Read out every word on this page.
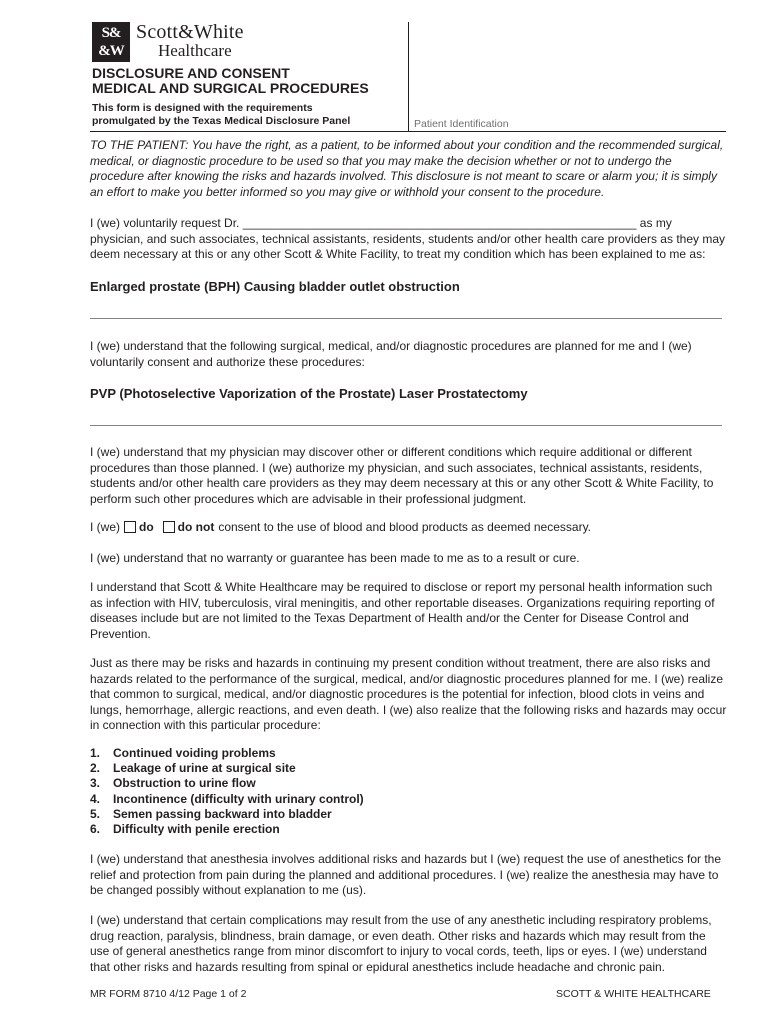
S&
&W
Scott&White
Healthcare
DISCLOSURE AND CONSENT
MEDICAL AND SURGICAL PROCEDURES
This form is designed with the requirements
promulgated by the Texas Medical Disclosure Panel	Patient Identification
TO THE PATIENT: You have the right, as a patient, to be informed about your condition and the recommended surgical, medical, or diagnostic procedure to be used so that you may make the decision whether or not to undergo the procedure after knowing the risks and hazards involved. This disclosure is not meant to scare or alarm you; it is simply an effort to make you better informed so you may give or withhold your consent to the procedure.
I (we) voluntarily request Dr. ___________________________________________________________ as my physician, and such associates, technical assistants, residents, students and/or other health care providers as they may deem necessary at this or any other Scott & White Facility, to treat my condition which has been explained to me as:
Enlarged prostate (BPH) Causing bladder outlet obstruction
I (we) understand that the following surgical, medical, and/or diagnostic procedures are planned for me and I (we) voluntarily consent and authorize these procedures:
PVP (Photoselective Vaporization of the Prostate) Laser Prostatectomy
I (we) understand that my physician may discover other or different conditions which require additional or different procedures than those planned. I (we) authorize my physician, and such associates, technical assistants, residents, students and/or other health care providers as they may deem necessary at this or any other Scott & White Facility, to perform such other procedures which are advisable in their professional judgment.
I (we) do do not consent to the use of blood and blood products as deemed necessary.
I (we) understand that no warranty or guarantee has been made to me as to a result or cure.
I understand that Scott & White Healthcare may be required to disclose or report my personal health information such as infection with HIV, tuberculosis, viral meningitis, and other reportable diseases. Organizations requiring reporting of diseases include but are not limited to the Texas Department of Health and/or the Center for Disease Control and Prevention.
Just as there may be risks and hazards in continuing my present condition without treatment, there are also risks and hazards related to the performance of the surgical, medical, and/or diagnostic procedures planned for me. I (we) realize that common to surgical, medical, and/or diagnostic procedures is the potential for infection, blood clots in veins and lungs, hemorrhage, allergic reactions, and even death. I (we) also realize that the following risks and hazards may occur in connection with this particular procedure:
1.	Continued voiding problems
2.	Leakage of urine at surgical site
3.	Obstruction to urine flow
4.	Incontinence (difficulty with urinary control)
5.	Semen passing backward into bladder
6.	Difficulty with penile erection
I (we) understand that anesthesia involves additional risks and hazards but I (we) request the use of anesthetics for the relief and protection from pain during the planned and additional procedures. I (we) realize the anesthesia may have to be changed possibly without explanation to me (us).
I (we) understand that certain complications may result from the use of any anesthetic including respiratory problems, drug reaction, paralysis, blindness, brain damage, or even death. Other risks and hazards which may result from the use of general anesthetics range from minor discomfort to injury to vocal cords, teeth, lips or eyes. I (we) understand that other risks and hazards resulting from spinal or epidural anesthetics include headache and chronic pain.
MR FORM 8710 4/12 Page 1 of 2	SCOTT & WHITE HEALTHCARE
